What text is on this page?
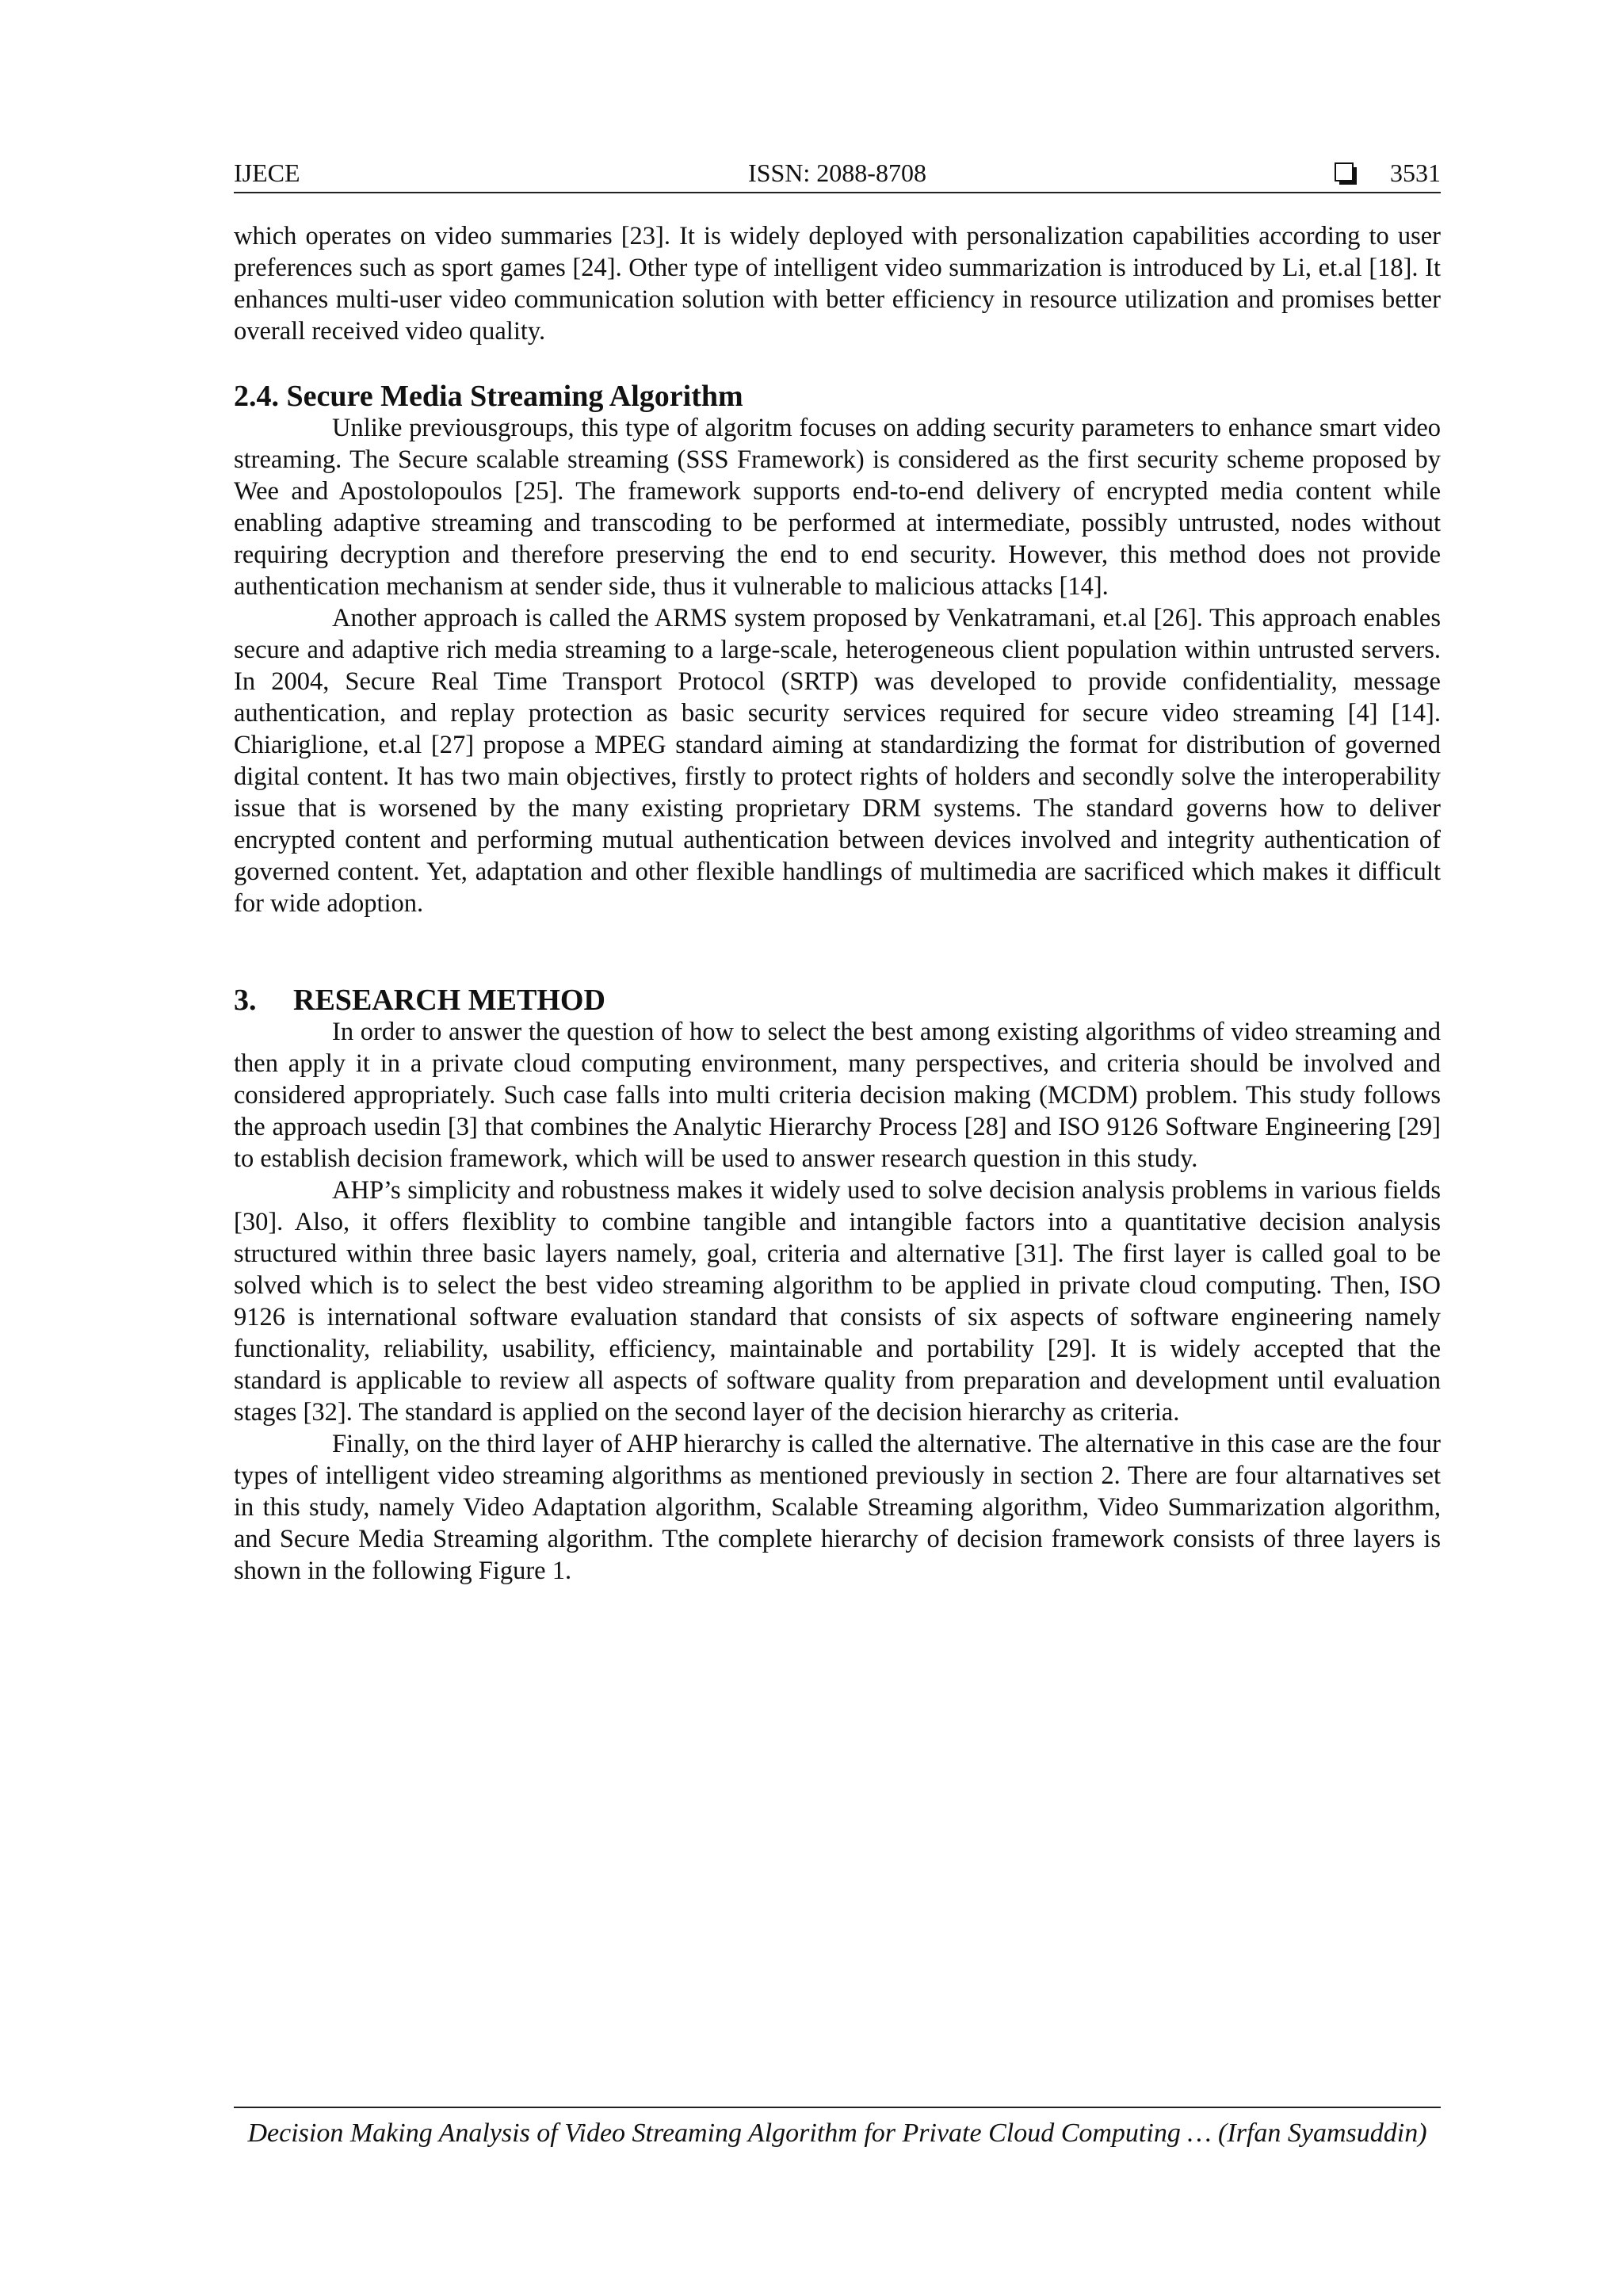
IJECE	ISSN: 2088-8708	3531

which operates on video summaries [23]. It is widely deployed with personalization capabilities according to user preferences such as sport games [24]. Other type of intelligent video summarization is introduced by Li, et.al [18]. It enhances multi-user video communication solution with better efficiency in resource utilization and promises better overall received video quality.

2.4. Secure Media Streaming Algorithm

Unlike previousgroups, this type of algoritm focuses on adding security parameters to enhance smart video streaming. The Secure scalable streaming (SSS Framework) is considered as the first security scheme proposed by Wee and Apostolopoulos [25]. The framework supports end-to-end delivery of encrypted media content while enabling adaptive streaming and transcoding to be performed at intermediate, possibly untrusted, nodes without requiring decryption and therefore preserving the end to end security. However, this method does not provide authentication mechanism at sender side, thus it vulnerable to malicious attacks [14].

Another approach is called the ARMS system proposed by Venkatramani, et.al [26]. This approach enables secure and adaptive rich media streaming to a large-scale, heterogeneous client population within untrusted servers. In 2004, Secure Real Time Transport Protocol (SRTP) was developed to provide confidentiality, message authentication, and replay protection as basic security services required for secure video streaming [4] [14]. Chiariglione, et.al [27] propose a MPEG standard aiming at standardizing the format for distribution of governed digital content. It has two main objectives, firstly to protect rights of holders and secondly solve the interoperability issue that is worsened by the many existing proprietary DRM systems. The standard governs how to deliver encrypted content and performing mutual authentication between devices involved and integrity authentication of governed content. Yet, adaptation and other flexible handlings of multimedia are sacrificed which makes it difficult for wide adoption.

3. RESEARCH METHOD

In order to answer the question of how to select the best among existing algorithms of video streaming and then apply it in a private cloud computing environment, many perspectives, and criteria should be involved and considered appropriately. Such case falls into multi criteria decision making (MCDM) problem. This study follows the approach usedin [3] that combines the Analytic Hierarchy Process [28] and ISO 9126 Software Engineering [29] to establish decision framework, which will be used to answer research question in this study.

AHP’s simplicity and robustness makes it widely used to solve decision analysis problems in various fields [30]. Also, it offers flexiblity to combine tangible and intangible factors into a quantitative decision analysis structured within three basic layers namely, goal, criteria and alternative [31]. The first layer is called goal to be solved which is to select the best video streaming algorithm to be applied in private cloud computing. Then, ISO 9126 is international software evaluation standard that consists of six aspects of software engineering namely functionality, reliability, usability, efficiency, maintainable and portability [29]. It is widely accepted that the standard is applicable to review all aspects of software quality from preparation and development until evaluation stages [32]. The standard is applied on the second layer of the decision hierarchy as criteria.

Finally, on the third layer of AHP hierarchy is called the alternative. The alternative in this case are the four types of intelligent video streaming algorithms as mentioned previously in section 2. There are four altarnatives set in this study, namely Video Adaptation algorithm, Scalable Streaming algorithm, Video Summarization algorithm, and Secure Media Streaming algorithm. Tthe complete hierarchy of decision framework consists of three layers is shown in the following Figure 1.

Decision Making Analysis of Video Streaming Algorithm for Private Cloud Computing … (Irfan Syamsuddin)
